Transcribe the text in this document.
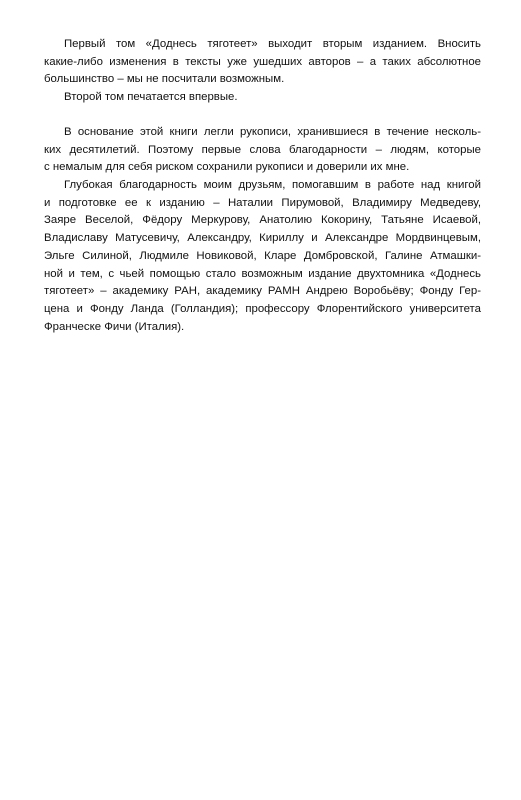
Первый том «Доднесь тяготеет» выходит вторым изданием. Вносить
какие-либо изменения в тексты уже ушедших авторов – а таких абсолютное
большинство – мы не посчитали возможным.
Второй том печатается впервые.
В основание этой книги легли рукописи, хранившиеся в течение несколь-
ких десятилетий. Поэтому первые слова благодарности – людям, которые
с немалым для себя риском сохранили рукописи и доверили их мне.
Глубокая благодарность моим друзьям, помогавшим в работе над книгой
и подготовке ее к изданию – Наталии Пирумовой, Владимиру Медведеву,
Заяре Веселой, Фёдору Меркурову, Анатолию Кокорину, Татьяне Исаевой,
Владиславу Матусевичу, Александру, Кириллу и Александре Мордвинцевым,
Эльге Силиной, Людмиле Новиковой, Кларе Домбровской, Галине Атмашки-
ной и тем, с чьей помощью стало возможным издание двухтомника «Доднесь
тяготеет» – академику РАН, академику РАМН Андрею Воробьёву; Фонду Гер-
цена и Фонду Ланда (Голландия); профессору Флорентийского университета
Франческе Фичи (Италия).
